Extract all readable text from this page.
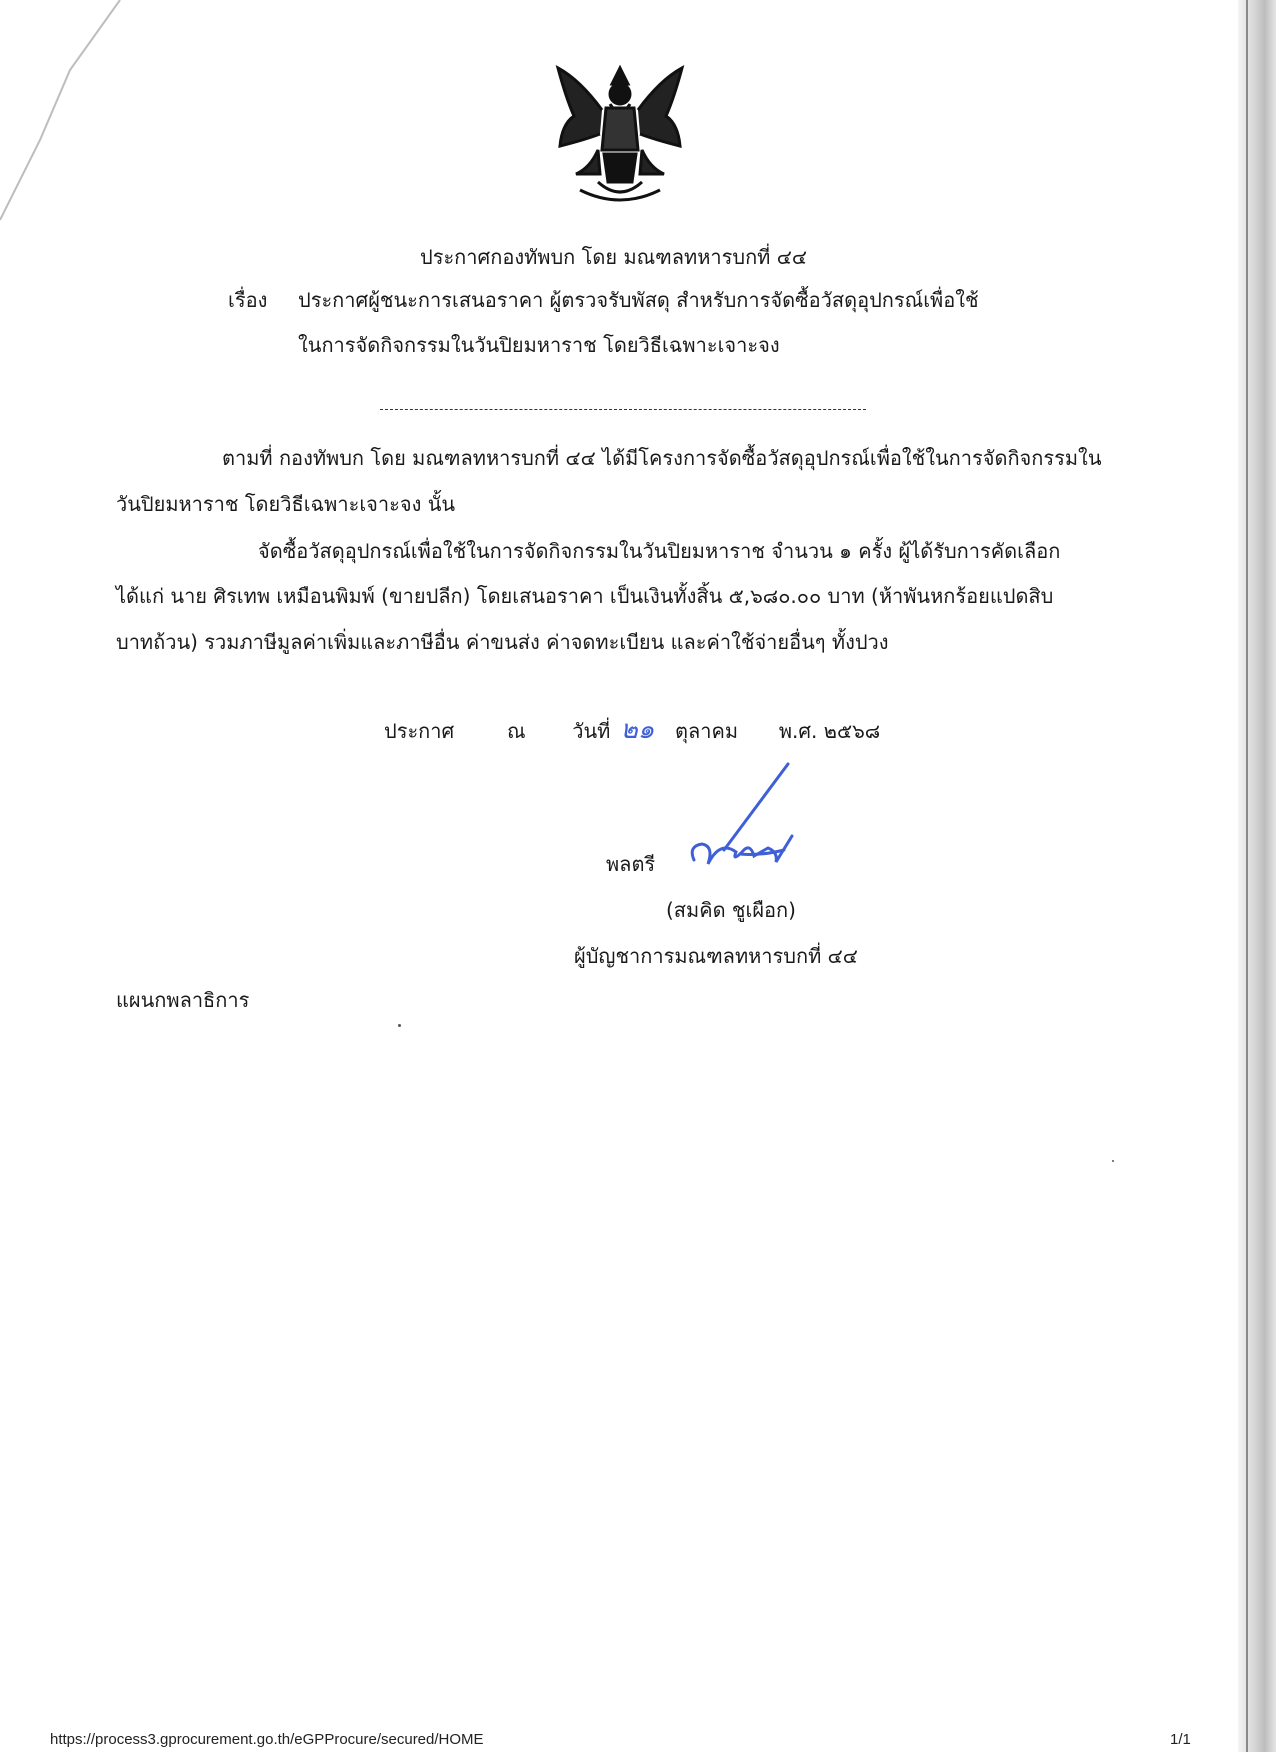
ประกาศกองทัพบก โดย มณฑลทหารบกที่ ๔๔
เรื่อง ประกาศผู้ชนะการเสนอราคา ผู้ตรวจรับพัสดุ สำหรับการจัดซื้อวัสดุอุปกรณ์เพื่อใช้
ในการจัดกิจกรรมในวันปิยมหาราช โดยวิธีเฉพาะเจาะจง
ตามที่ กองทัพบก โดย มณฑลทหารบกที่ ๔๔ ได้มีโครงการจัดซื้อวัสดุอุปกรณ์เพื่อใช้ในการจัดกิจกรรมใน
วันปิยมหาราช โดยวิธีเฉพาะเจาะจง นั้น
จัดซื้อวัสดุอุปกรณ์เพื่อใช้ในการจัดกิจกรรมในวันปิยมหาราช จำนวน ๑ ครั้ง ผู้ได้รับการคัดเลือก
ได้แก่ นาย ศิรเทพ เหมือนพิมพ์ (ขายปลีก) โดยเสนอราคา เป็นเงินทั้งสิ้น ๕,๖๘๐.๐๐ บาท (ห้าพันหกร้อยแปดสิบ
บาทถ้วน) รวมภาษีมูลค่าเพิ่มและภาษีอื่น ค่าขนส่ง ค่าจดทะเบียน และค่าใช้จ่ายอื่นๆ ทั้งปวง
ประกาศ	ณ วันที่ ๒๑ ตุลาคม พ.ศ. ๒๕๖๘
พลตรี
(สมคิด ชูเผือก)
ผู้บัญชาการมณฑลทหารบกที่ ๔๔
แผนกพลาธิการ
https://process3.gprocurement.go.th/eGPProcure/secured/HOME	1/1
